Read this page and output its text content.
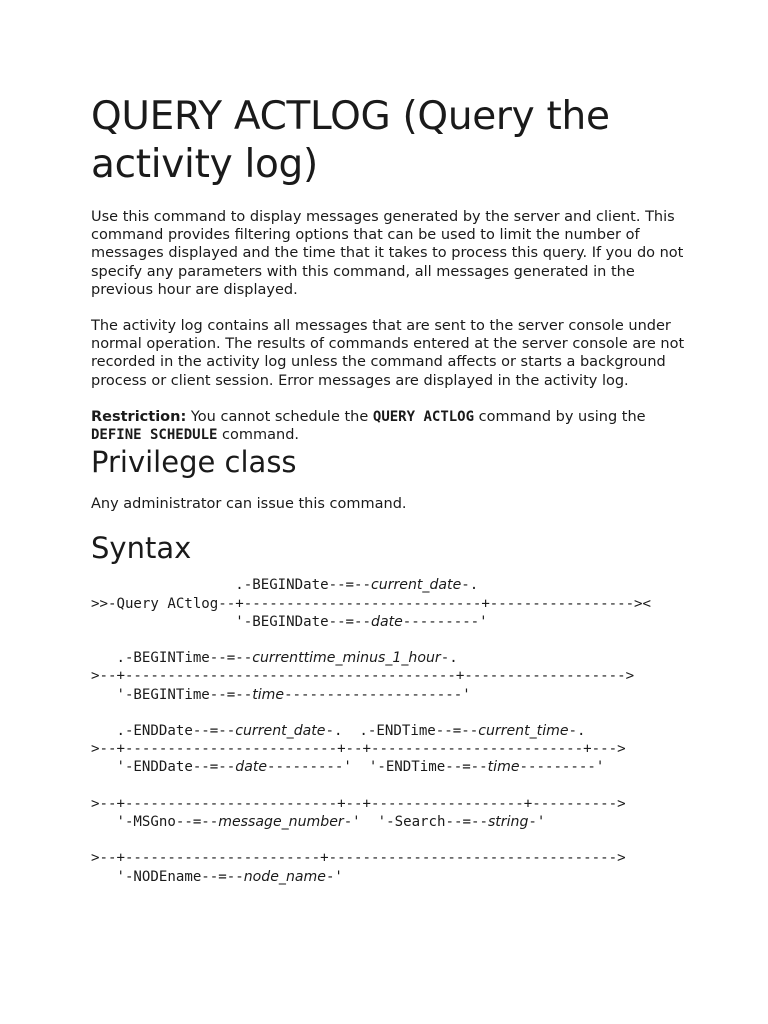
QUERY ACTLOG (Query the activity log)

Use this command to display messages generated by the server and client. This command provides filtering options that can be used to limit the number of messages displayed and the time that it takes to process this query. If you do not specify any parameters with this command, all messages generated in the previous hour are displayed.

The activity log contains all messages that are sent to the server console under normal operation. The results of commands entered at the server console are not recorded in the activity log unless the command affects or starts a background process or client session. Error messages are displayed in the activity log.

Restriction: You cannot schedule the QUERY ACTLOG command by using the DEFINE SCHEDULE command.

Privilege class

Any administrator can issue this command.

Syntax
.-BEGINDate--=--current_date-.
>>-Query ACtlog--+----------------------------+-----------------><
'-BEGINDate--=--date---------'

.-BEGINTime--=--currenttime_minus_1_hour-.
>--+---------------------------------------+------------------->
'-BEGINTime--=--time---------------------'

.-ENDDate--=--current_date-.  .-ENDTime--=--current_time-.
>--+-------------------------+--+-------------------------+--->
'-ENDDate--=--date---------'  '-ENDTime--=--time---------'

>--+-------------------------+--+------------------+---------->
'-MSGno--=--message_number-'  '-Search--=--string-'

>--+-----------------------+---------------------------------->
'-NODEname--=--node_name-'
